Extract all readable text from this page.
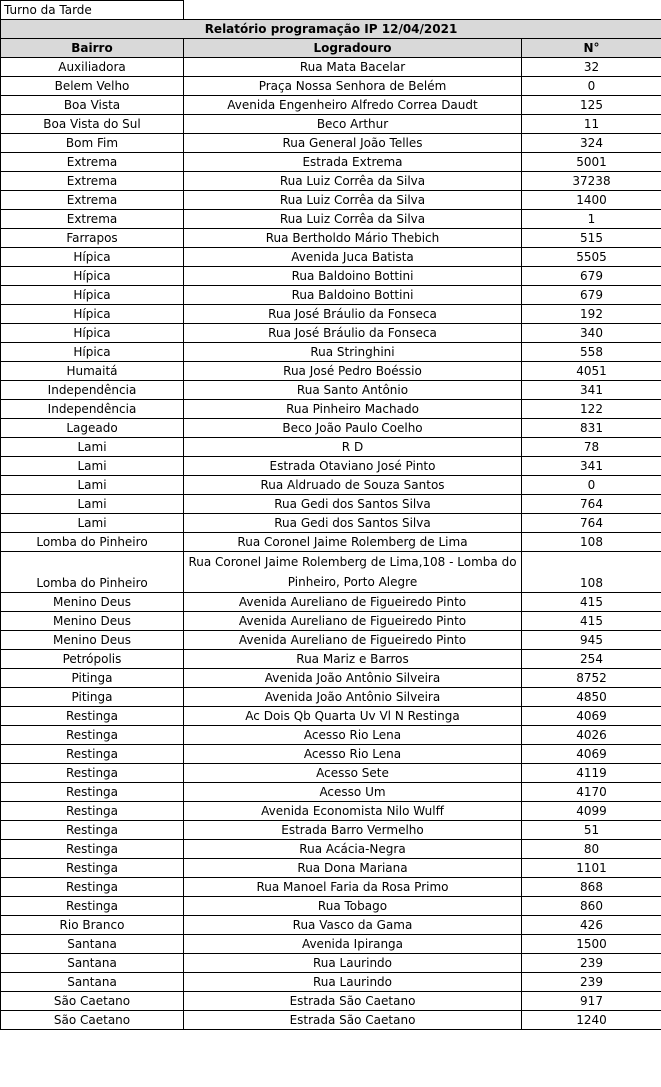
Turno da Tarde		
Relatório programação IP 12/04/2021		
Bairro	Logradouro	N°
Auxiliadora	Rua Mata Bacelar	32
Belem Velho	Praça Nossa Senhora de Belém	0
Boa Vista	Avenida Engenheiro Alfredo Correa Daudt	125
Boa Vista do Sul	Beco Arthur	11
Bom Fim	Rua General João Telles	324
Extrema	Estrada Extrema	5001
Extrema	Rua Luiz Corrêa da Silva	37238
Extrema	Rua Luiz Corrêa da Silva	1400
Extrema	Rua Luiz Corrêa da Silva	1
Farrapos	Rua Bertholdo Mário Thebich	515
Hípica	Avenida Juca Batista	5505
Hípica	Rua Baldoino Bottini	679
Hípica	Rua Baldoino Bottini	679
Hípica	Rua José Bráulio da Fonseca	192
Hípica	Rua José Bráulio da Fonseca	340
Hípica	Rua Stringhini	558
Humaitá	Rua José Pedro Boéssio	4051
Independência	Rua Santo Antônio	341
Independência	Rua Pinheiro Machado	122
Lageado	Beco João Paulo Coelho	831
Lami	R D	78
Lami	Estrada Otaviano José Pinto	341
Lami	Rua Aldruado de Souza Santos	0
Lami	Rua Gedi dos Santos Silva	764
Lami	Rua Gedi dos Santos Silva	764
Lomba do Pinheiro	Rua Coronel Jaime Rolemberg de Lima	108
Lomba do Pinheiro	Rua Coronel Jaime Rolemberg de Lima,108 - Lomba do Pinheiro, Porto Alegre	108
Menino Deus	Avenida Aureliano de Figueiredo Pinto	415
Menino Deus	Avenida Aureliano de Figueiredo Pinto	415
Menino Deus	Avenida Aureliano de Figueiredo Pinto	945
Petrópolis	Rua Mariz e Barros	254
Pitinga	Avenida João Antônio Silveira	8752
Pitinga	Avenida João Antônio Silveira	4850
Restinga	Ac Dois Qb Quarta Uv Vl N Restinga	4069
Restinga	Acesso Rio Lena	4026
Restinga	Acesso Rio Lena	4069
Restinga	Acesso Sete	4119
Restinga	Acesso Um	4170
Restinga	Avenida Economista Nilo Wulff	4099
Restinga	Estrada Barro Vermelho	51
Restinga	Rua Acácia-Negra	80
Restinga	Rua Dona Mariana	1101
Restinga	Rua Manoel Faria da Rosa Primo	868
Restinga	Rua Tobago	860
Rio Branco	Rua Vasco da Gama	426
Santana	Avenida Ipiranga	1500
Santana	Rua Laurindo	239
Santana	Rua Laurindo	239
São Caetano	Estrada São Caetano	917
São Caetano	Estrada São Caetano	1240
